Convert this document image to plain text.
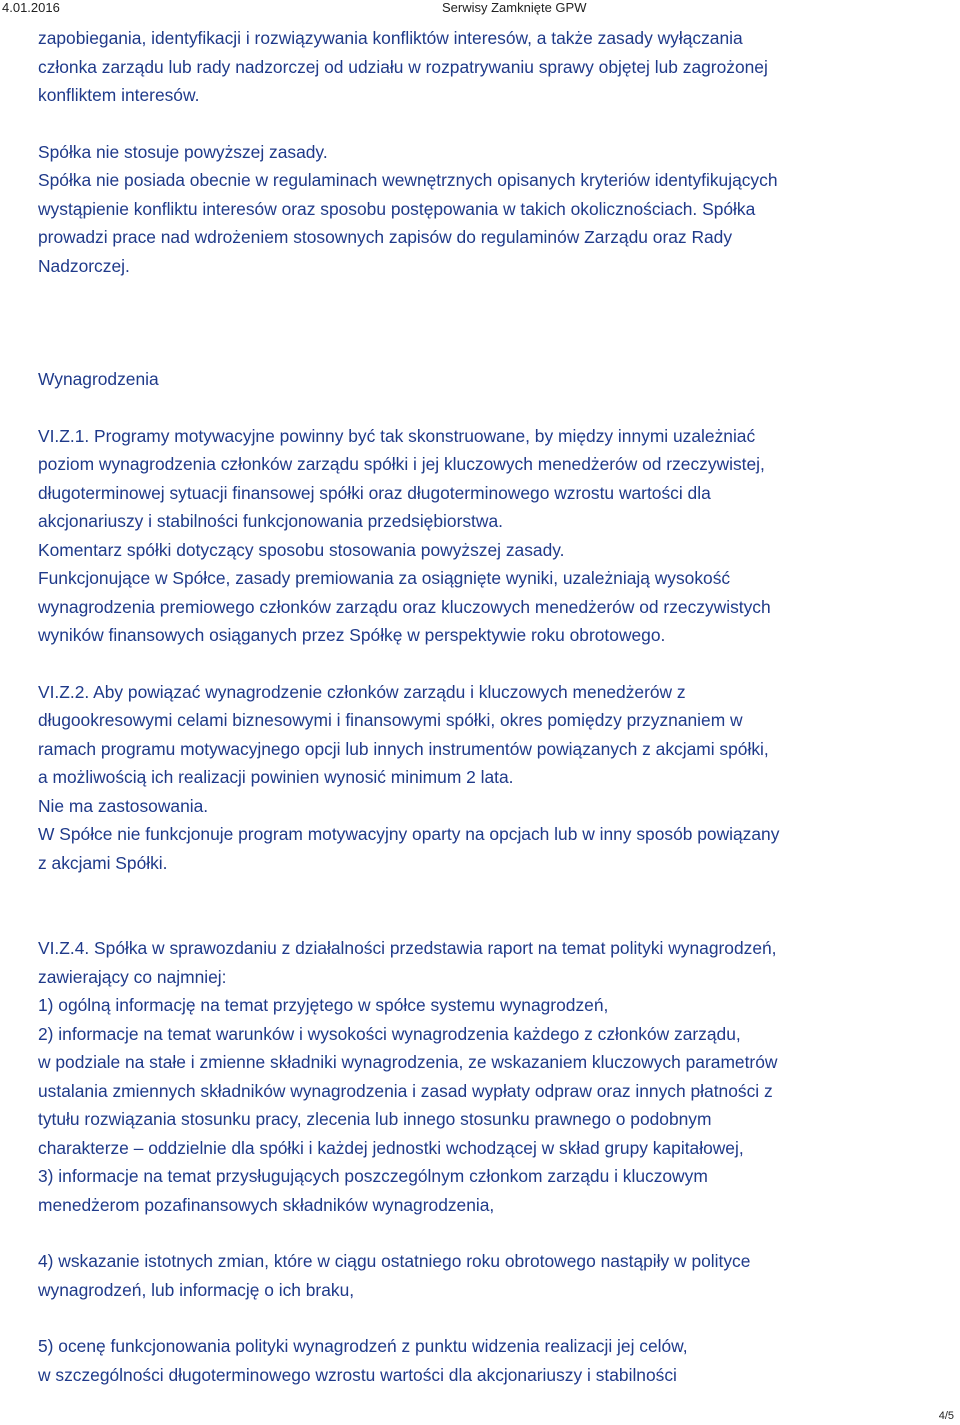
4.01.2016	Serwisy Zamknięte GPW

zapobiegania, identyfikacji i rozwiązywania konfliktów interesów, a także zasady wyłączania
członka zarządu lub rady nadzorczej od udziału w rozpatrywaniu sprawy objętej lub zagrożonej
konfliktem interesów.

Spółka nie stosuje powyższej zasady.
Spółka nie posiada obecnie w regulaminach wewnętrznych opisanych kryteriów identyfikujących
wystąpienie konfliktu interesów oraz sposobu postępowania w takich okolicznościach. Spółka
prowadzi prace nad wdrożeniem stosownych zapisów do regulaminów Zarządu oraz Rady
Nadzorczej.

Wynagrodzenia

VI.Z.1. Programy motywacyjne powinny być tak skonstruowane, by między innymi uzależniać
poziom wynagrodzenia członków zarządu spółki i jej kluczowych menedżerów od rzeczywistej,
długoterminowej sytuacji finansowej spółki oraz długoterminowego wzrostu wartości dla
akcjonariuszy i stabilności funkcjonowania przedsiębiorstwa.
Komentarz spółki dotyczący sposobu stosowania powyższej zasady.
Funkcjonujące w Spółce, zasady premiowania za osiągnięte wyniki, uzależniają wysokość
wynagrodzenia premiowego członków zarządu oraz kluczowych menedżerów od rzeczywistych
wyników finansowych osiąganych przez Spółkę w perspektywie roku obrotowego.

VI.Z.2. Aby powiązać wynagrodzenie członków zarządu i kluczowych menedżerów z
długookresowymi celami biznesowymi i finansowymi spółki, okres pomiędzy przyznaniem w
ramach programu motywacyjnego opcji lub innych instrumentów powiązanych z akcjami spółki,
a możliwością ich realizacji powinien wynosić minimum 2 lata.
Nie ma zastosowania.
W Spółce nie funkcjonuje program motywacyjny oparty na opcjach lub w inny sposób powiązany
z akcjami Spółki.

VI.Z.4. Spółka w sprawozdaniu z działalności przedstawia raport na temat polityki wynagrodzeń,
zawierający co najmniej:
1) ogólną informację na temat przyjętego w spółce systemu wynagrodzeń,
2) informacje na temat warunków i wysokości wynagrodzenia każdego z członków zarządu,
w podziale na stałe i zmienne składniki wynagrodzenia, ze wskazaniem kluczowych parametrów
ustalania zmiennych składników wynagrodzenia i zasad wypłaty odpraw oraz innych płatności z
tytułu rozwiązania stosunku pracy, zlecenia lub innego stosunku prawnego o podobnym
charakterze – oddzielnie dla spółki i każdej jednostki wchodzącej w skład grupy kapitałowej,
3) informacje na temat przysługujących poszczególnym członkom zarządu i kluczowym
menedżerom pozafinansowych składników wynagrodzenia,

4) wskazanie istotnych zmian, które w ciągu ostatniego roku obrotowego nastąpiły w polityce
wynagrodzeń, lub informację o ich braku,

5) ocenę funkcjonowania polityki wynagrodzeń z punktu widzenia realizacji jej celów,
w szczególności długoterminowego wzrostu wartości dla akcjonariuszy i stabilności

4/5
